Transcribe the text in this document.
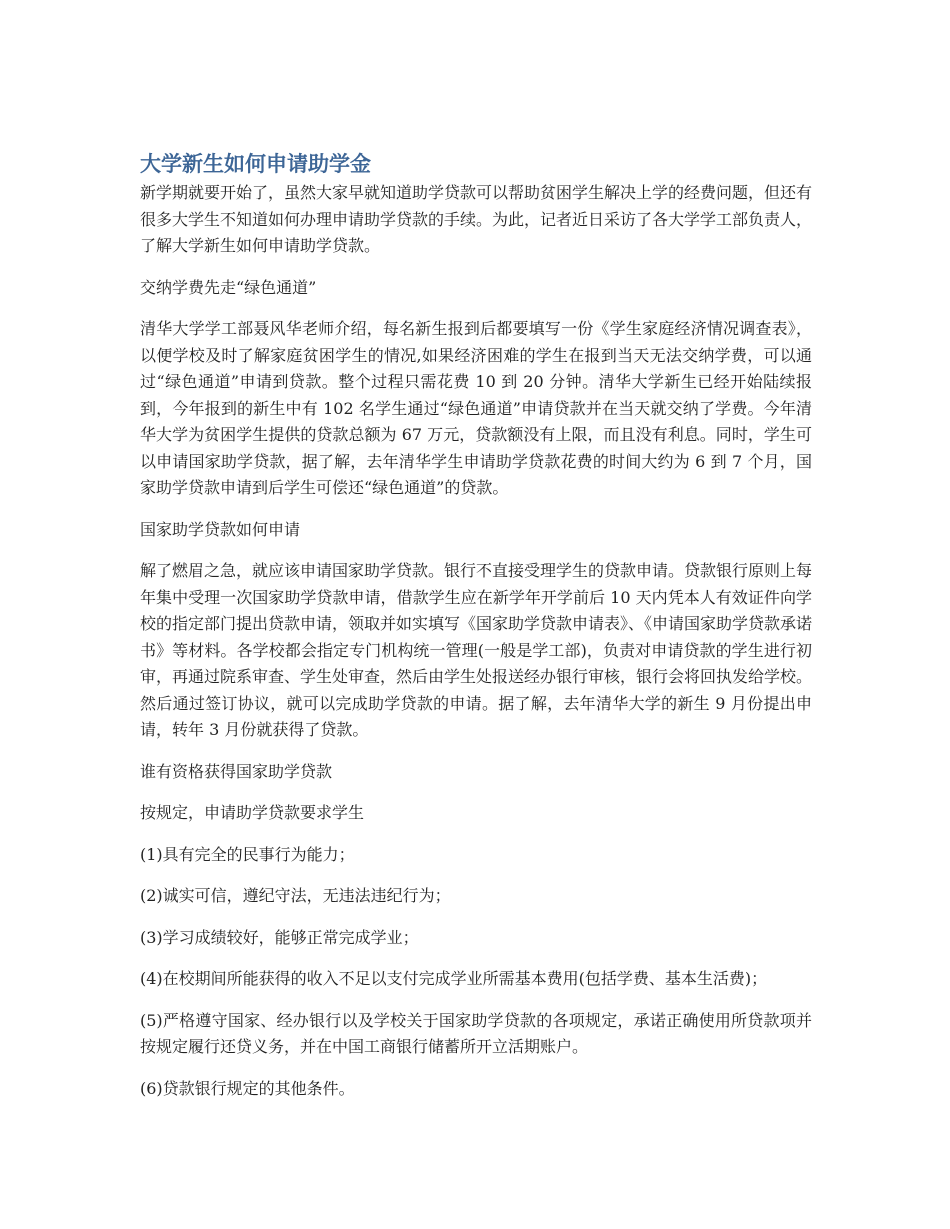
大学新生如何申请助学金

新学期就要开始了，虽然大家早就知道助学贷款可以帮助贫困学生解决上学的经费问题，但还有很多大学生不知道如何办理申请助学贷款的手续。为此，记者近日采访了各大学学工部负责人，了解大学新生如何申请助学贷款。

交纳学费先走“绿色通道”

清华大学学工部聂风华老师介绍，每名新生报到后都要填写一份《学生家庭经济情况调查表》，以便学校及时了解家庭贫困学生的情况,如果经济困难的学生在报到当天无法交纳学费，可以通过“绿色通道”申请到贷款。整个过程只需花费 10 到 20 分钟。清华大学新生已经开始陆续报到，今年报到的新生中有 102 名学生通过“绿色通道”申请贷款并在当天就交纳了学费。今年清华大学为贫困学生提供的贷款总额为 67 万元，贷款额没有上限，而且没有利息。同时，学生可以申请国家助学贷款，据了解，去年清华学生申请助学贷款花费的时间大约为 6 到 7 个月，国家助学贷款申请到后学生可偿还“绿色通道”的贷款。

国家助学贷款如何申请

解了燃眉之急，就应该申请国家助学贷款。银行不直接受理学生的贷款申请。贷款银行原则上每年集中受理一次国家助学贷款申请，借款学生应在新学年开学前后 10 天内凭本人有效证件向学校的指定部门提出贷款申请，领取并如实填写《国家助学贷款申请表》、《申请国家助学贷款承诺书》等材料。各学校都会指定专门机构统一管理(一般是学工部)，负责对申请贷款的学生进行初审，再通过院系审查、学生处审查，然后由学生处报送经办银行审核，银行会将回执发给学校。然后通过签订协议，就可以完成助学贷款的申请。据了解，去年清华大学的新生 9 月份提出申请，转年 3 月份就获得了贷款。

谁有资格获得国家助学贷款

按规定，申请助学贷款要求学生

(1)具有完全的民事行为能力；

(2)诚实可信，遵纪守法，无违法违纪行为；

(3)学习成绩较好，能够正常完成学业；

(4)在校期间所能获得的收入不足以支付完成学业所需基本费用(包括学费、基本生活费)；

(5)严格遵守国家、经办银行以及学校关于国家助学贷款的各项规定，承诺正确使用所贷款项并按规定履行还贷义务，并在中国工商银行储蓄所开立活期账户。

(6)贷款银行规定的其他条件。
